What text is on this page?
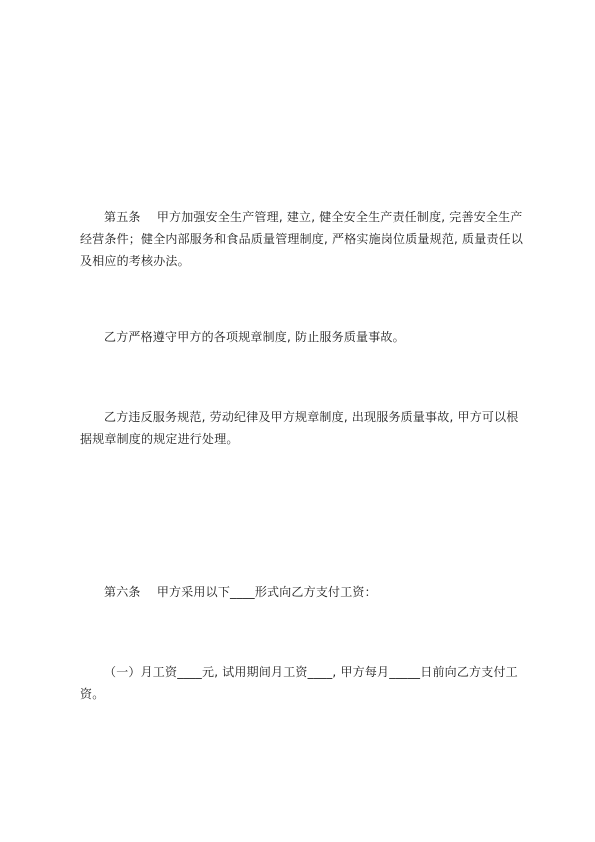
第五条　 甲方加强安全生产管理, 建立, 健全安全生产责任制度, 完善安全生产经营条件；健全内部服务和食品质量管理制度, 严格实施岗位质量规范, 质量责任以及相应的考核办法。

乙方严格遵守甲方的各项规章制度, 防止服务质量事故。

乙方违反服务规范, 劳动纪律及甲方规章制度, 出现服务质量事故, 甲方可以根据规章制度的规定进行处理。

第六条　 甲方采用以下____形式向乙方支付工资：

（一）月工资____元, 试用期间月工资____, 甲方每月_____日前向乙方支付工资。
